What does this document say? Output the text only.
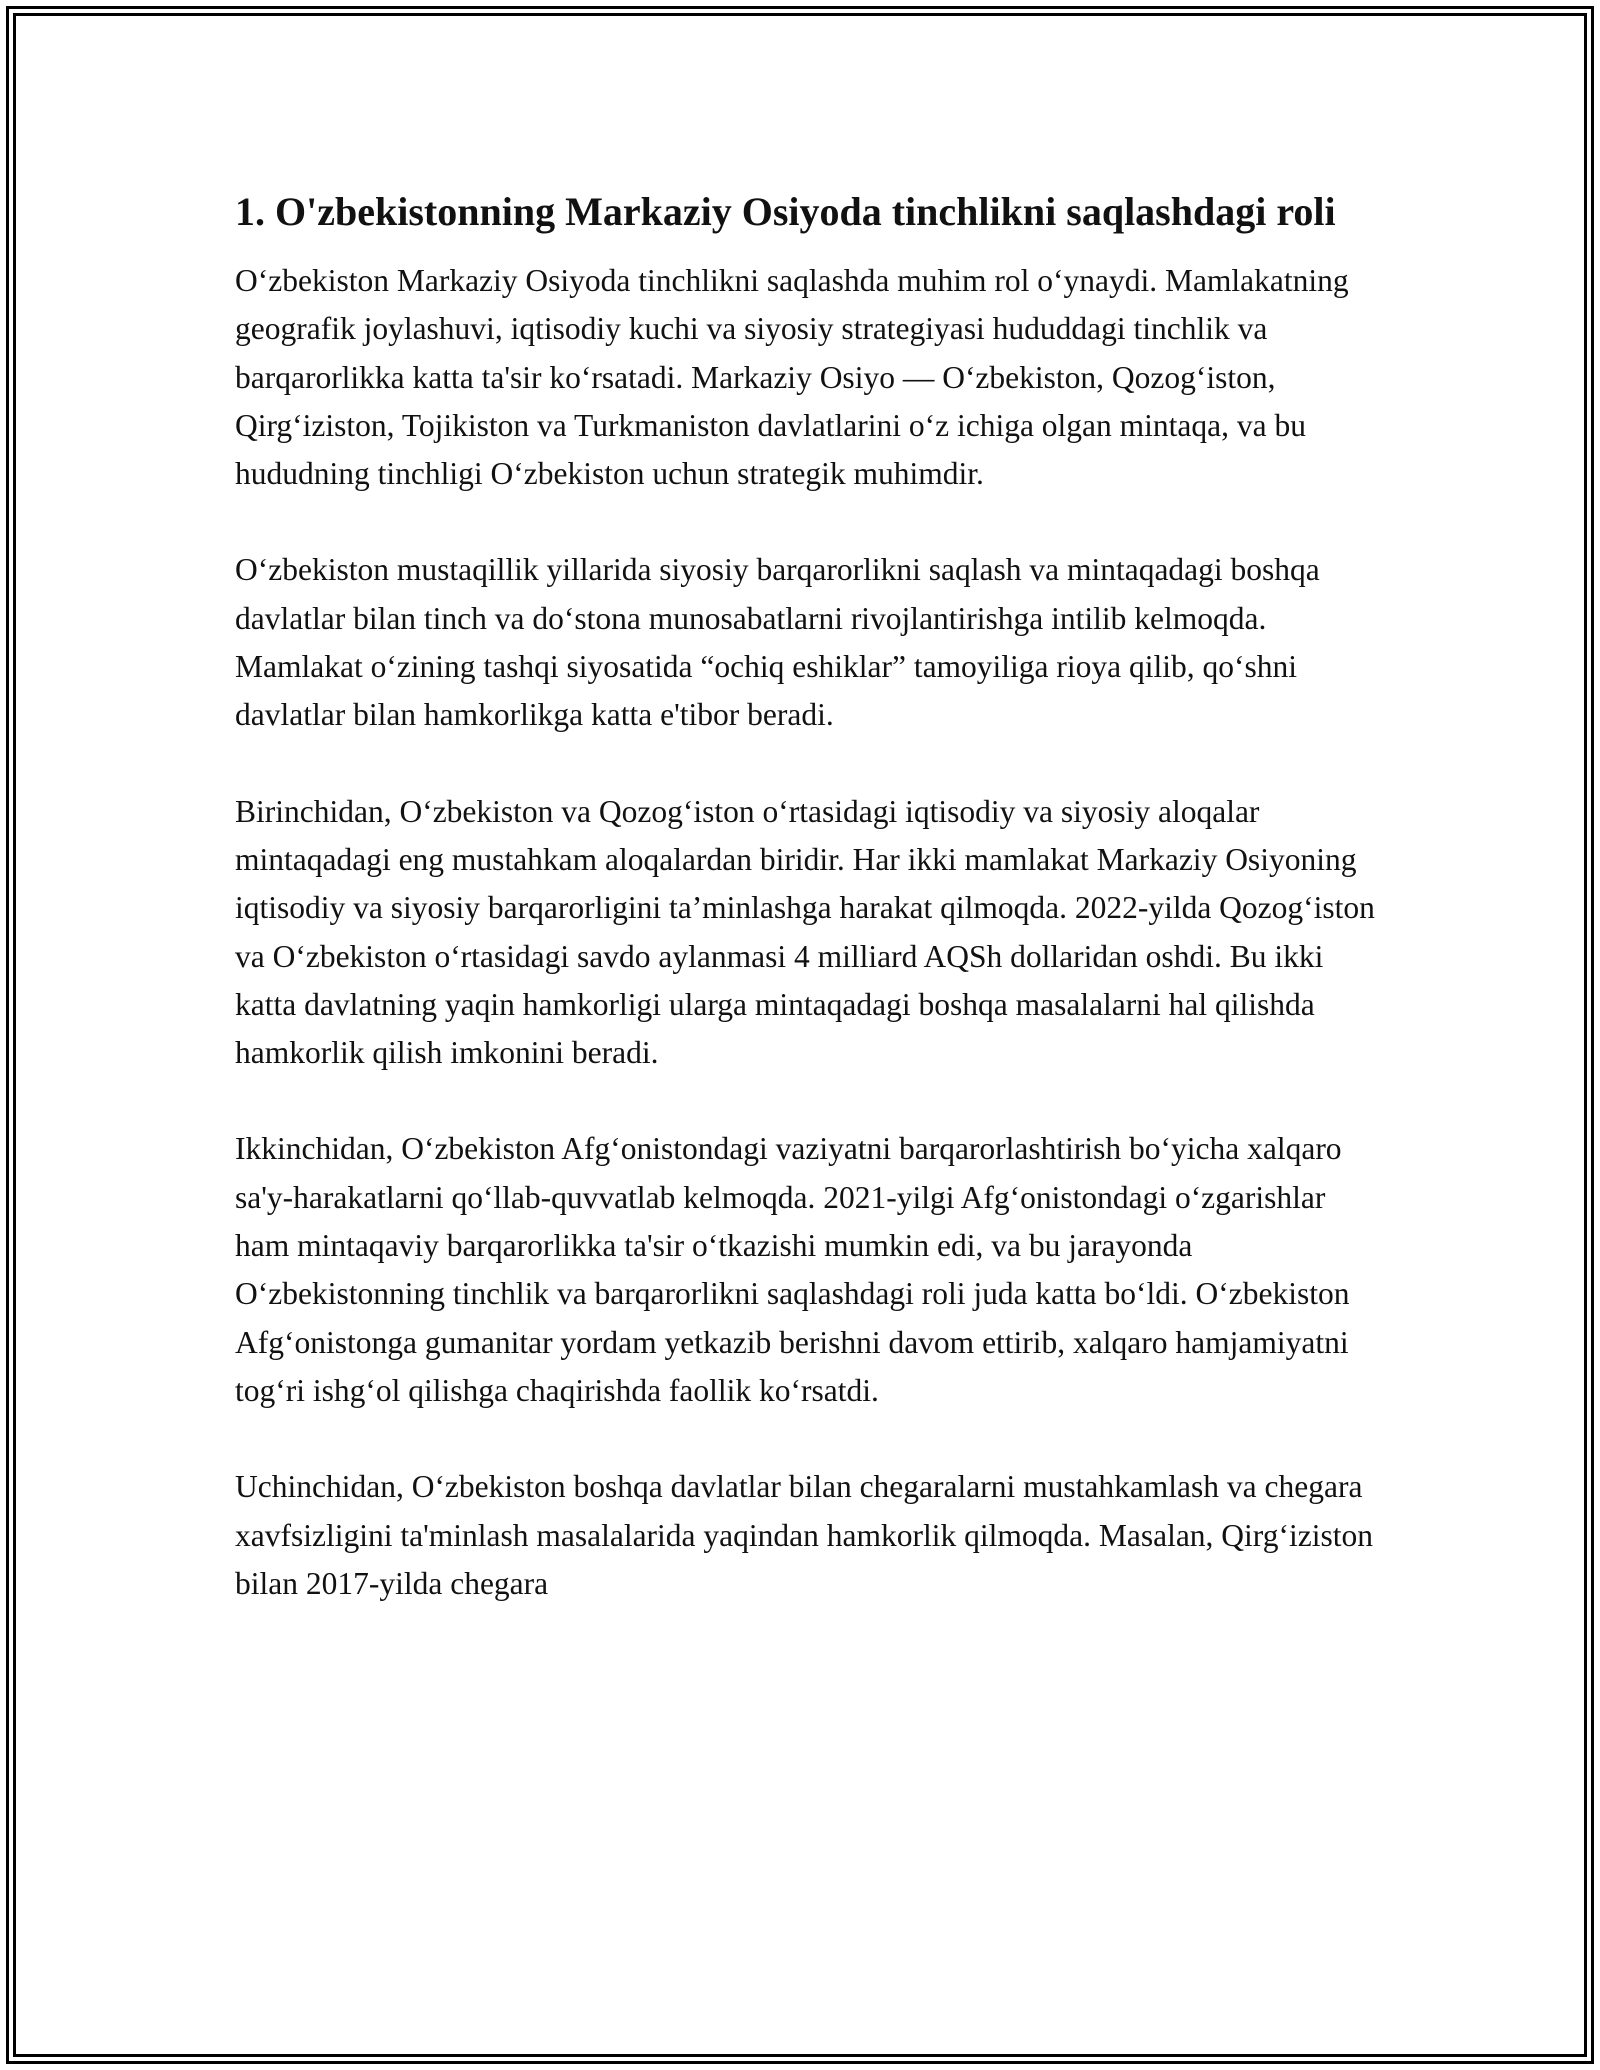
1. O'zbekistonning Markaziy Osiyoda tinchlikni saqlashdagi roli

O‘zbekiston Markaziy Osiyoda tinchlikni saqlashda muhim rol o‘ynaydi. Mamlakatning geografik joylashuvi, iqtisodiy kuchi va siyosiy strategiyasi hududdagi tinchlik va barqarorlikka katta ta'sir ko‘rsatadi. Markaziy Osiyo — O‘zbekiston, Qozog‘iston, Qirg‘iziston, Tojikiston va Turkmaniston davlatlarini o‘z ichiga olgan mintaqa, va bu hududning tinchligi O‘zbekiston uchun strategik muhimdir.

O‘zbekiston mustaqillik yillarida siyosiy barqarorlikni saqlash va mintaqadagi boshqa davlatlar bilan tinch va do‘stona munosabatlarni rivojlantirishga intilib kelmoqda. Mamlakat o‘zining tashqi siyosatida “ochiq eshiklar” tamoyiliga rioya qilib, qo‘shni davlatlar bilan hamkorlikga katta e'tibor beradi.

Birinchidan, O‘zbekiston va Qozog‘iston o‘rtasidagi iqtisodiy va siyosiy aloqalar mintaqadagi eng mustahkam aloqalardan biridir. Har ikki mamlakat Markaziy Osiyoning iqtisodiy va siyosiy barqarorligini ta’minlashga harakat qilmoqda. 2022-yilda Qozog‘iston va O‘zbekiston o‘rtasidagi savdo aylanmasi 4 milliard AQSh dollaridan oshdi. Bu ikki katta davlatning yaqin hamkorligi ularga mintaqadagi boshqa masalalarni hal qilishda hamkorlik qilish imkonini beradi.

Ikkinchidan, O‘zbekiston Afg‘onistondagi vaziyatni barqarorlashtirish bo‘yicha xalqaro sa'y-harakatlarni qo‘llab-quvvatlab kelmoqda. 2021-yilgi Afg‘onistondagi o‘zgarishlar ham mintaqaviy barqarorlikka ta'sir o‘tkazishi mumkin edi, va bu jarayonda O‘zbekistonning tinchlik va barqarorlikni saqlashdagi roli juda katta bo‘ldi. O‘zbekiston Afg‘onistonga gumanitar yordam yetkazib berishni davom ettirib, xalqaro hamjamiyatni tog‘ri ishg‘ol qilishga chaqirishda faollik ko‘rsatdi.

Uchinchidan, O‘zbekiston boshqa davlatlar bilan chegaralarni mustahkamlash va chegara xavfsizligini ta'minlash masalalarida yaqindan hamkorlik qilmoqda. Masalan, Qirg‘iziston bilan 2017-yilda chegara
